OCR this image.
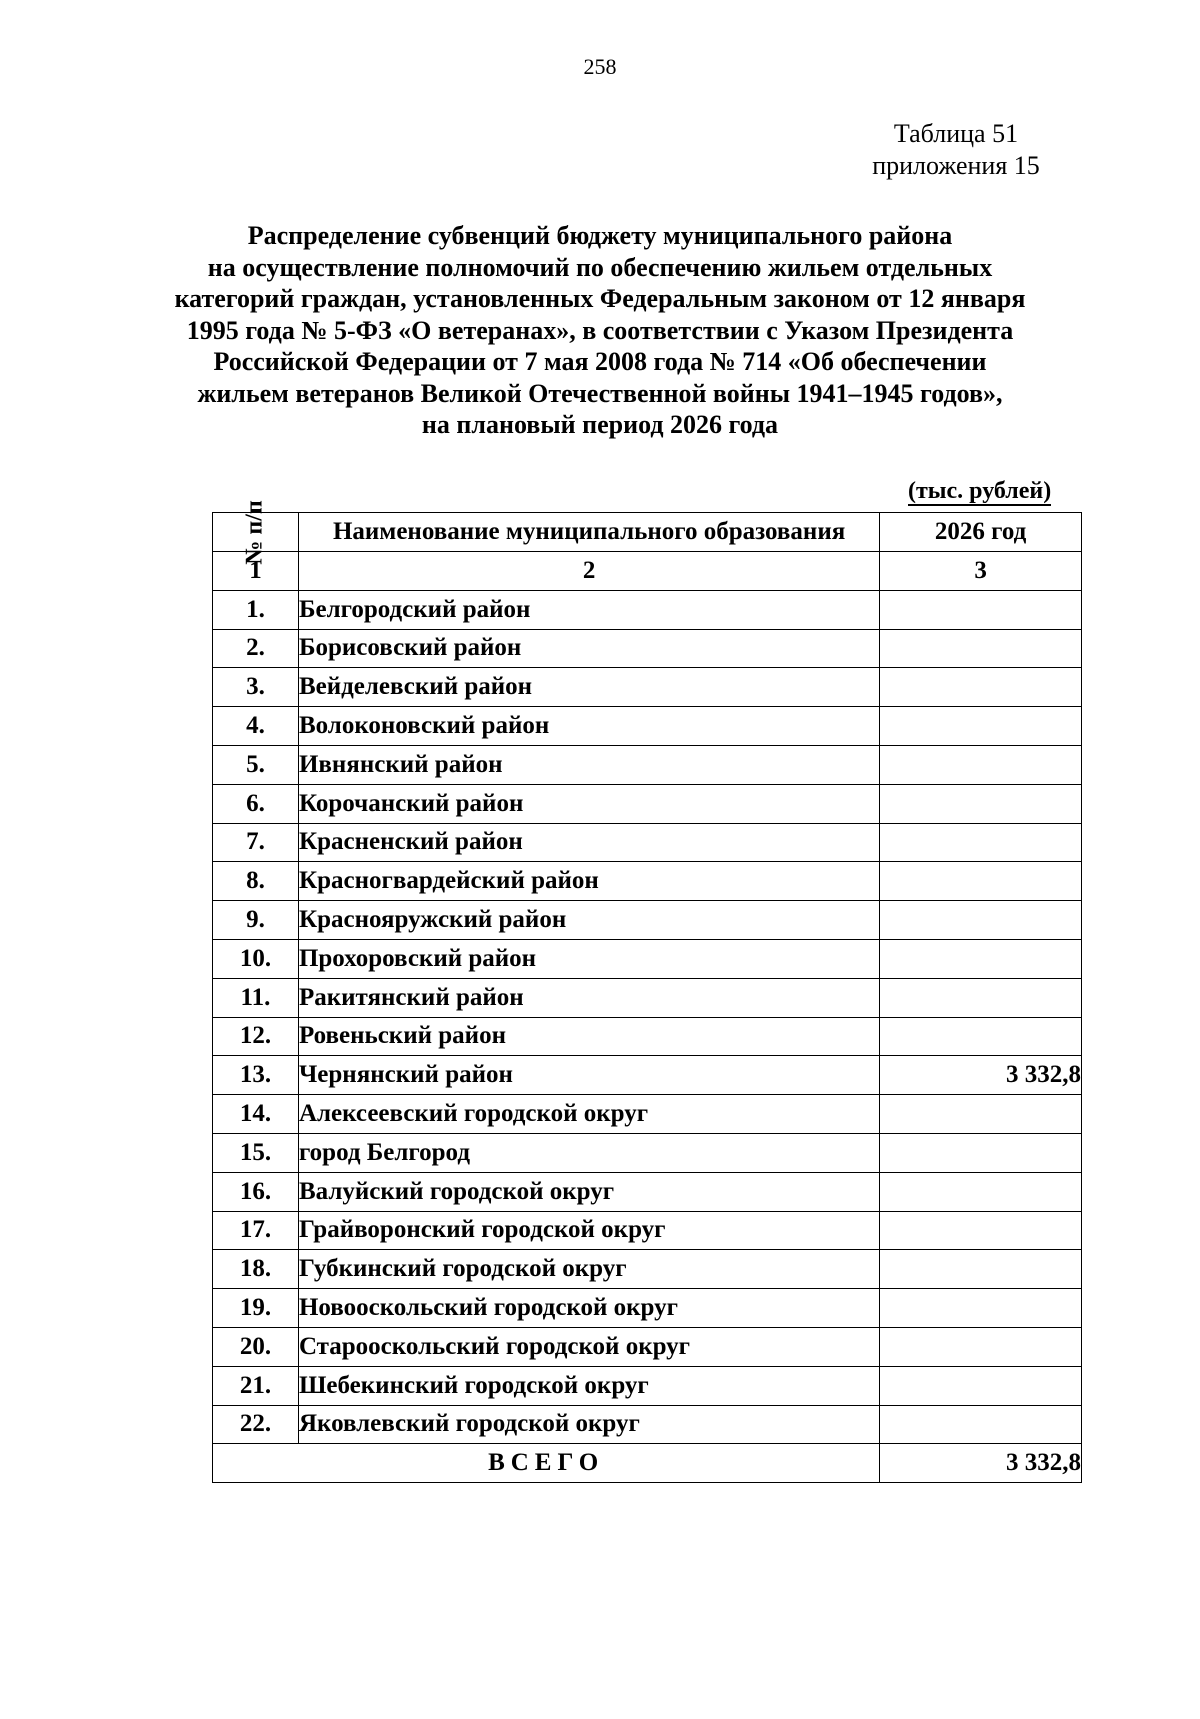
258
Таблица 51
приложения 15
Распределение субвенций бюджету муниципального района
на осуществление полномочий по обеспечению жильем отдельных
категорий граждан, установленных Федеральным законом от 12 января
1995 года № 5-ФЗ «О ветеранах», в соответствии с Указом Президента
Российской Федерации от 7 мая 2008 года № 714 «Об обеспечении
жильем ветеранов Великой Отечественной войны 1941–1945 годов»,
на плановый период 2026 года
(тыс. рублей)
№ п/п	Наименование муниципального образования	2026 год
1	2	3
1.	Белгородский район	
2.	Борисовский район	
3.	Вейделевский район	
4.	Волоконовский район	
5.	Ивнянский район	
6.	Корочанский район	
7.	Красненский район	
8.	Красногвардейский район	
9.	Краснояружский район	
10.	Прохоровский район	
11.	Ракитянский район	
12.	Ровеньский район	
13.	Чернянский район	3 332,8
14.	Алексеевский городской округ	
15.	город Белгород	
16.	Валуйский городской округ	
17.	Грайворонский городской округ	
18.	Губкинский городской округ	
19.	Новооскольский городской округ	
20.	Старооскольский городской округ	
21.	Шебекинский городской округ	
22.	Яковлевский городской округ	
ВСЕГО		3 332,8
